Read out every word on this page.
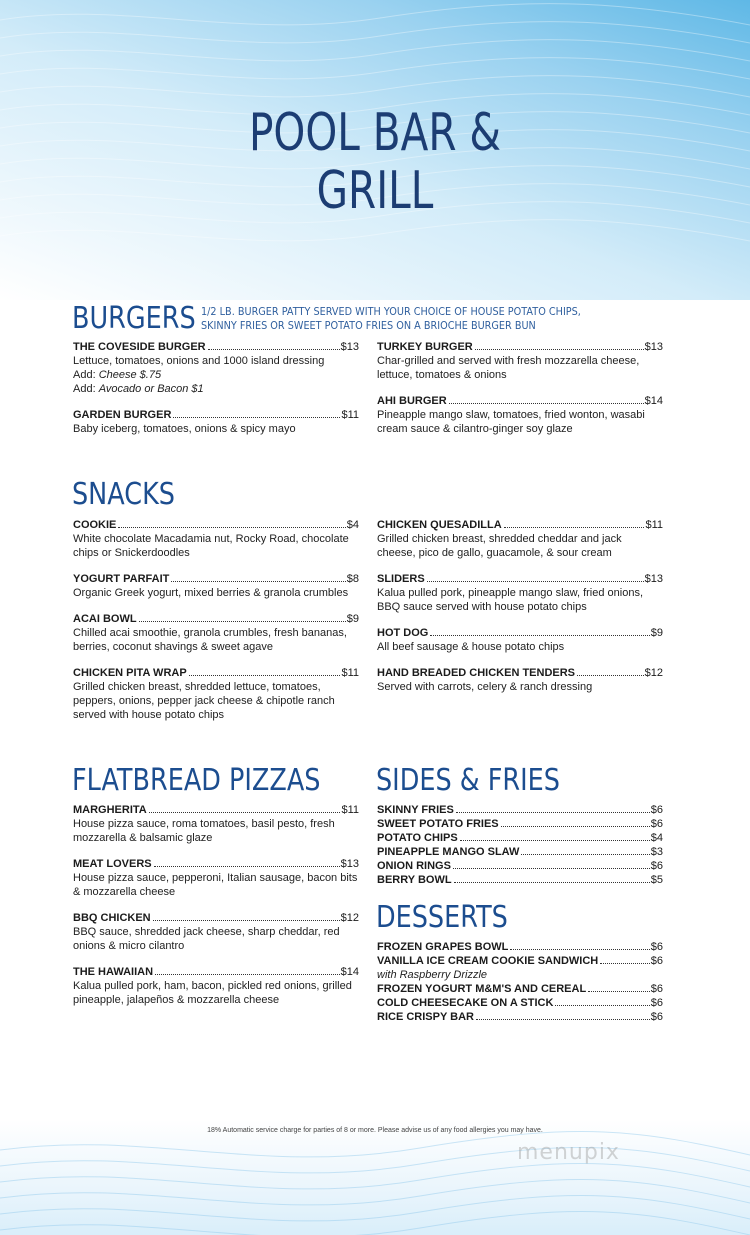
POOL BAR &
GRILL
BURGERS 1/2 LB. BURGER PATTY SERVED WITH YOUR CHOICE OF HOUSE POTATO CHIPS,
SKINNY FRIES OR SWEET POTATO FRIES ON A BRIOCHE BURGER BUN
THE COVESIDE BURGER	$13
Lettuce, tomatoes, onions and 1000 island dressing
Add: Cheese $.75
Add: Avocado or Bacon $1
GARDEN BURGER	$11
Baby iceberg, tomatoes, onions & spicy mayo
TURKEY BURGER	$13
Char-grilled and served with fresh mozzarella cheese, lettuce, tomatoes & onions
AHI BURGER	$14
Pineapple mango slaw, tomatoes, fried wonton, wasabi cream sauce & cilantro-ginger soy glaze
SNACKS
COOKIE	$4
White chocolate Macadamia nut, Rocky Road, chocolate chips or Snickerdoodles
YOGURT PARFAIT	$8
Organic Greek yogurt, mixed berries & granola crumbles
ACAI BOWL	$9
Chilled acai smoothie, granola crumbles, fresh bananas, berries, coconut shavings & sweet agave
CHICKEN PITA WRAP	$11
Grilled chicken breast, shredded lettuce, tomatoes, peppers, onions, pepper jack cheese & chipotle ranch served with house potato chips
CHICKEN QUESADILLA	$11
Grilled chicken breast, shredded cheddar and jack cheese, pico de gallo, guacamole, & sour cream
SLIDERS	$13
Kalua pulled pork, pineapple mango slaw, fried onions, BBQ sauce served with house potato chips
HOT DOG	$9
All beef sausage & house potato chips
HAND BREADED CHICKEN TENDERS	$12
Served with carrots, celery & ranch dressing
FLATBREAD PIZZAS
MARGHERITA	$11
House pizza sauce, roma tomatoes, basil pesto, fresh mozzarella & balsamic glaze
MEAT LOVERS	$13
House pizza sauce, pepperoni, Italian sausage, bacon bits & mozzarella cheese
BBQ CHICKEN	$12
BBQ sauce, shredded jack cheese, sharp cheddar, red onions & micro cilantro
THE HAWAIIAN	$14
Kalua pulled pork, ham, bacon, pickled red onions, grilled pineapple, jalapeños & mozzarella cheese
SIDES & FRIES
SKINNY FRIES	$6
SWEET POTATO FRIES	$6
POTATO CHIPS	$4
PINEAPPLE MANGO SLAW	$3
ONION RINGS	$6
BERRY BOWL	$5
DESSERTS
FROZEN GRAPES BOWL	$6
VANILLA ICE CREAM COOKIE SANDWICH	$6
with Raspberry Drizzle
FROZEN YOGURT M&M'S AND CEREAL	$6
COLD CHEESECAKE ON A STICK	$6
RICE CRISPY BAR	$6
18% Automatic service charge for parties of 8 or more. Please advise us of any food allergies you may have.
menupix
